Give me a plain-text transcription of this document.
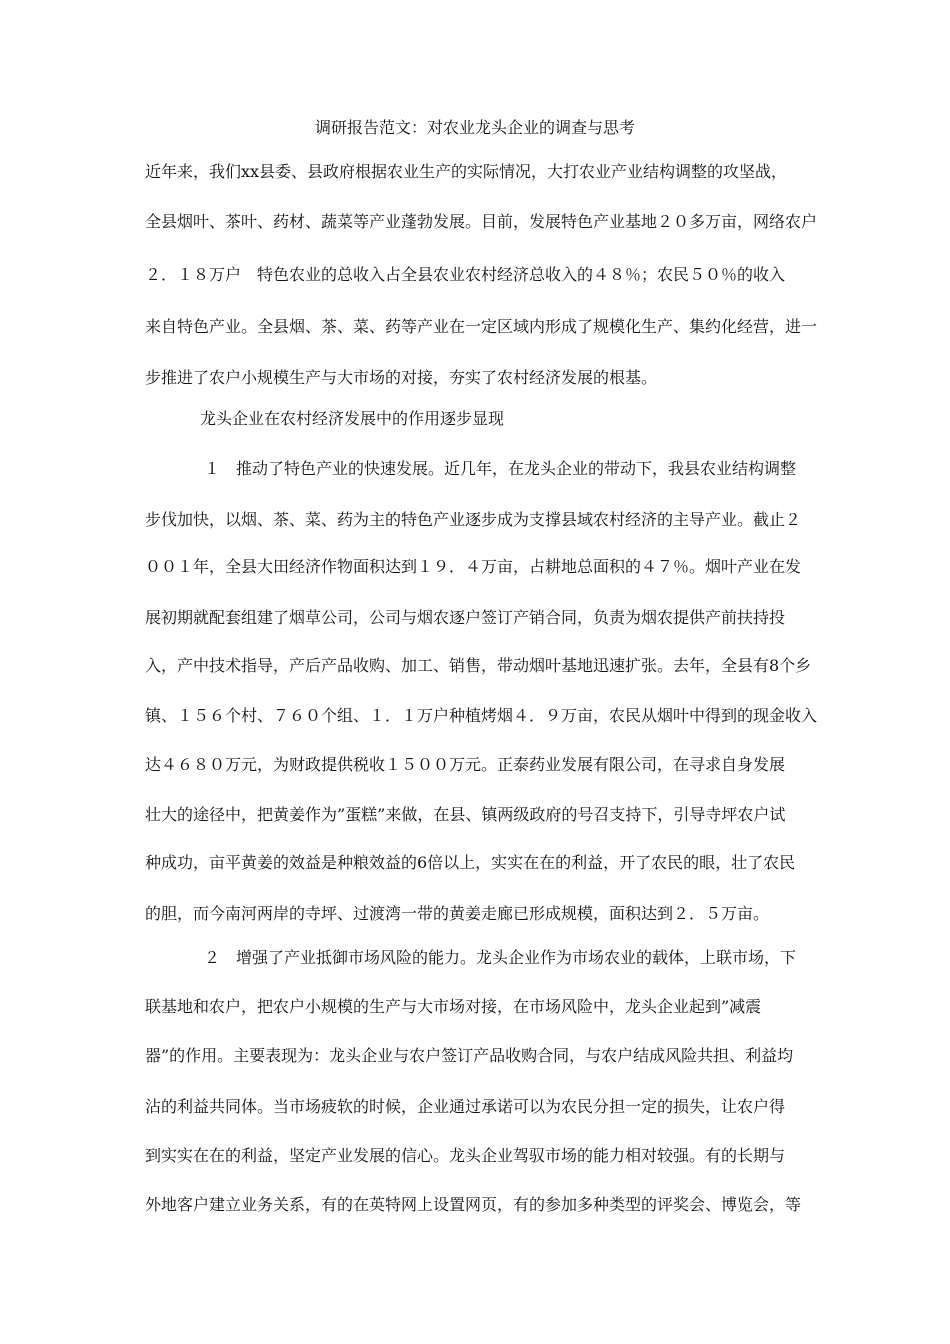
调研报告范文：对农业龙头企业的调查与思考
近年来，我们xx县委、县政府根据农业生产的实际情况，大打农业产业结构调整的攻坚战，
全县烟叶、茶叶、药材、蔬菜等产业蓬勃发展。目前，发展特色产业基地２０多万亩，网络农户
２．１８万户　特色农业的总收入占全县农业农村经济总收入的４８％；农民５０％的收入
来自特色产业。全县烟、茶、菜、药等产业在一定区域内形成了规模化生产、集约化经营，进一
步推进了农户小规模生产与大市场的对接，夯实了农村经济发展的根基。
龙头企业在农村经济发展中的作用逐步显现
１　推动了特色产业的快速发展。近几年，在龙头企业的带动下，我县农业结构调整
步伐加快，以烟、茶、菜、药为主的特色产业逐步成为支撑县域农村经济的主导产业。截止２
００１年，全县大田经济作物面积达到１９．４万亩，占耕地总面积的４７％。烟叶产业在发
展初期就配套组建了烟草公司，公司与烟农逐户签订产销合同，负责为烟农提供产前扶持投
入，产中技术指导，产后产品收购、加工、销售，带动烟叶基地迅速扩张。去年，全县有8个乡
镇、１５６个村、７６０个组、１．１万户种植烤烟４．９万亩，农民从烟叶中得到的现金收入
达４６８０万元，为财政提供税收１５００万元。正泰药业发展有限公司，在寻求自身发展
壮大的途径中，把黄姜作为”蛋糕”来做，在县、镇两级政府的号召支持下，引导寺坪农户试
种成功，亩平黄姜的效益是种粮效益的6倍以上，实实在在的利益，开了农民的眼，壮了农民
的胆，而今南河两岸的寺坪、过渡湾一带的黄姜走廊已形成规模，面积达到２．５万亩。
２　增强了产业抵御市场风险的能力。龙头企业作为市场农业的载体，上联市场，下
联基地和农户，把农户小规模的生产与大市场对接，在市场风险中，龙头企业起到”减震
器”的作用。主要表现为：龙头企业与农户签订产品收购合同，与农户结成风险共担、利益均
沾的利益共同体。当市场疲软的时候，企业通过承诺可以为农民分担一定的损失，让农户得
到实实在在的利益，坚定产业发展的信心。龙头企业驾驭市场的能力相对较强。有的长期与
外地客户建立业务关系，有的在英特网上设置网页，有的参加多种类型的评奖会、博览会，等
